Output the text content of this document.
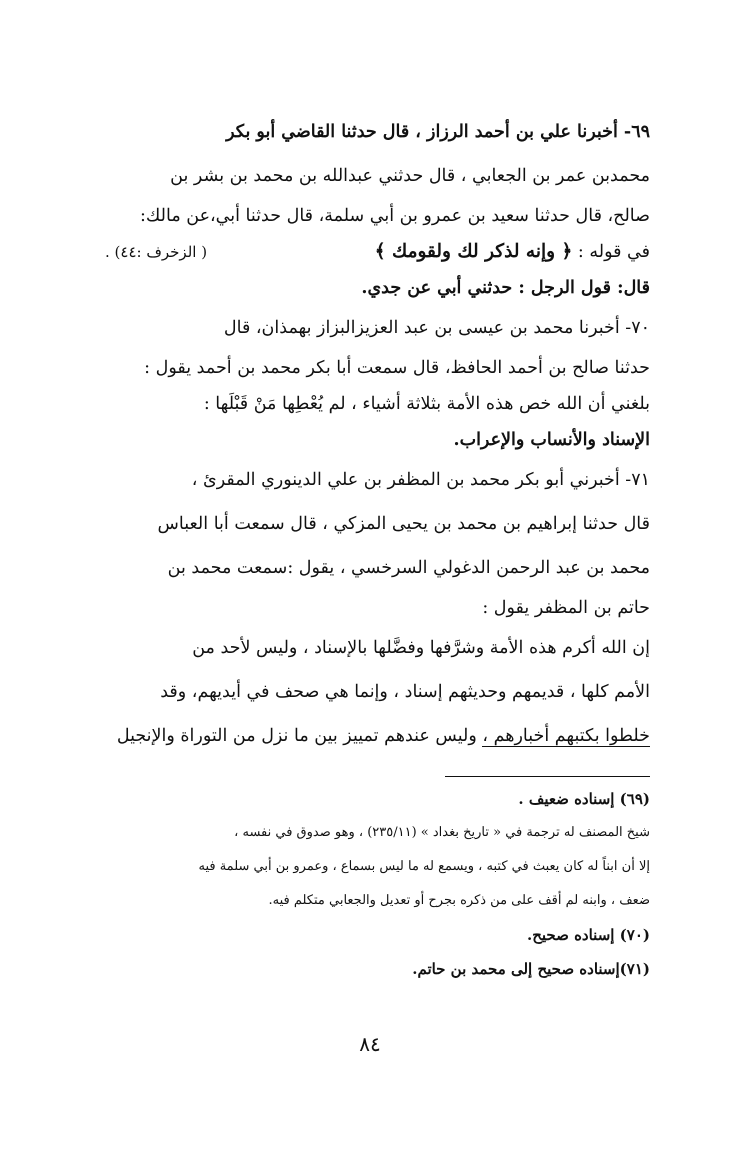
٦٩- أخبرنا علي بن أحمد الرزاز ، قال حدثنا القاضي أبو بكر
محمدبن عمر بن الجعابي ، قال حدثني عبدالله بن محمد بن بشر بن
صالح، قال حدثنا سعيد بن عمرو بن أبي سلمة، قال حدثنا أبي،عن مالك:
في قوله : ﴿ وإنه لذكر لك ولقومك ﴾
( الزخرف :٤٤) .
قال: قول الرجل : حدثني أبي عن جدي.
٧٠- أخبرنا محمد بن عيسى بن عبد العزيزالبزاز بهمذان، قال
حدثنا صالح بن أحمد الحافظ، قال سمعت أبا بكر محمد بن أحمد يقول :
بلغني أن الله خص هذه الأمة بثلاثة أشياء ، لم يُعْطِها مَنْ قَبْلَها :
الإسناد والأنساب والإعراب.
٧١- أخبرني أبو بكر محمد بن المظفر بن علي الدينوري المقرئ ،
قال حدثنا إبراهيم بن محمد بن يحيى المزكي ، قال سمعت أبا العباس
محمد بن عبد الرحمن الدغولي السرخسي ، يقول :سمعت محمد بن
حاتم بن المظفر يقول :
إن الله أكرم هذه الأمة وشرَّفها وفضَّلها بالإسناد ، وليس لأحد من
الأمم كلها ، قديمهم وحديثهم إسناد ، وإنما هي صحف في أيديهم، وقد
خلطوا بكتبهم أخبارهم ، وليس عندهم تمييز بين ما نزل من التوراة والإنجيل
(٦٩) إسناده ضعيف .
شيخ المصنف له ترجمة في « تاريخ بغداد » (٢٣٥/١١) ، وهو صدوق في نفسه ،
إلا أن ابناً له كان يعبث في كتبه ، ويسمع له ما ليس بسماع ، وعمرو بن أبي سلمة فيه
ضعف ، وابنه لم أقف على من ذكره بجرح أو تعديل والجعابي متكلم فيه.
(٧٠) إسناده صحيح.
(٧١)إسناده صحيح إلى محمد بن حاتم.
٨٤
